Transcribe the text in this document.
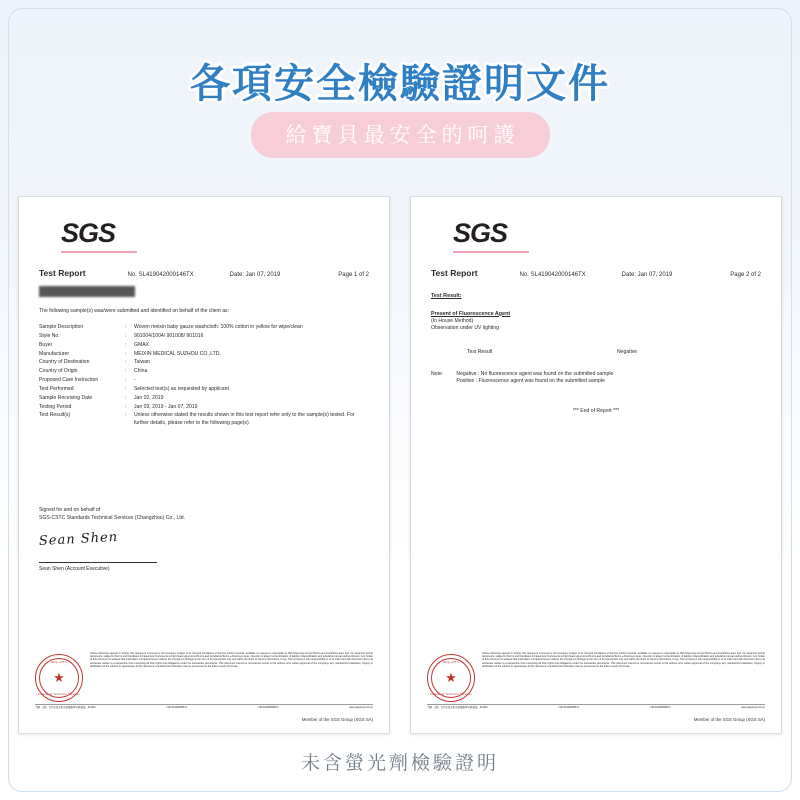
各項安全檢驗證明文件
給寶貝最安全的呵護
SGS
Test Report	No. SL419042000146TX	Date: Jan 07, 2019	Page 1 of 2
The following sample(s) was/were submitted and identified on behalf of the client as:
Sample Description	:	Woven meixin baby gauze washcloth: 100% cotton in yellow for wipe/clean
Style No.	:	901004/1004/ 901008/ 901016
Buyer	:	GMAX
Manufacturer	:	MEIXIN MEDICAL SUZHOU CO.,LTD.
Country of Destination	:	Taiwan
Country of Origin	:	China
Proposed Care Instruction	:	-
Test Performed	:	Selected test(s) as requested by applicant
Sample Receiving Date	:	Jan 02, 2019
Testing Period	:	Jan 03, 2019 - Jan 07, 2019
Test Result(s)	:	Unless otherwise stated the results shown in this test report refer only to the sample(s) tested. For further details, please refer to the following page(s).
Signed for and on behalf of
SGS-CSTC Standards Technical Services (Changzhou) Co., Ltd.
Sean Shen
Sean Shen (Account Executive)
SGS-CSTC
Standards Technical Services
★
Unless otherwise agreed in writing, this document is issued by the Company subject to its General Conditions of Service printed overleaf, available on request or accessible at http://www.sgs.com/en/Terms-and-Conditions.aspx and, for electronic format documents, subject to Terms and Conditions for Electronic Documents at http://www.sgs.com/en/Terms-and-Conditions/Terms-e-Document.aspx. Attention is drawn to the limitation of liability, indemnification and jurisdiction issues defined therein. Any holder of this document is advised that information contained hereon reflects the Company's findings at the time of its intervention only and within the limits of Client's instructions, if any. The Company's sole responsibility is to its Client and this document does not exonerate parties to a transaction from exercising all their rights and obligations under the transaction documents. This document cannot be reproduced except in full, without prior written approval of the Company. Any unauthorized alteration, forgery or falsification of the content or appearance of this document is unlawful and offenders may be prosecuted to the fullest extent of the law.
中國 · 江蘇 · 常州市新北區太湖東路62-1號 郵編：213022	t (86-519)86988571	f (86-519)86988572	www.sgsgroup.com.cn
Member of the SGS Group (SGS SA)
SGS
Test Report	No. SL419042000146TX	Date: Jan 07, 2019	Page 2 of 2
Test Result:
Present of Fluorescence Agent
(In House Method)
Observation under UV lighting
Test Result	Negative
Note:	Negative : No fluorescence agent was found on the submitted sample
Positive : Fluorescence agent was found on the submitted sample
*** End of Report ***
SGS-CSTC
Standards Technical Services
★
Unless otherwise agreed in writing, this document is issued by the Company subject to its General Conditions of Service printed overleaf, available on request or accessible at http://www.sgs.com/en/Terms-and-Conditions.aspx and, for electronic format documents, subject to Terms and Conditions for Electronic Documents at http://www.sgs.com/en/Terms-and-Conditions/Terms-e-Document.aspx. Attention is drawn to the limitation of liability, indemnification and jurisdiction issues defined therein. Any holder of this document is advised that information contained hereon reflects the Company's findings at the time of its intervention only and within the limits of Client's instructions, if any. The Company's sole responsibility is to its Client and this document does not exonerate parties to a transaction from exercising all their rights and obligations under the transaction documents. This document cannot be reproduced except in full, without prior written approval of the Company. Any unauthorized alteration, forgery or falsification of the content or appearance of this document is unlawful and offenders may be prosecuted to the fullest extent of the law.
中國 · 江蘇 · 常州市新北區太湖東路62-1號 郵編：213022	t (86-519)86988571	f (86-519)86988572	www.sgsgroup.com.cn
Member of the SGS Group (SGS SA)
未含螢光劑檢驗證明
